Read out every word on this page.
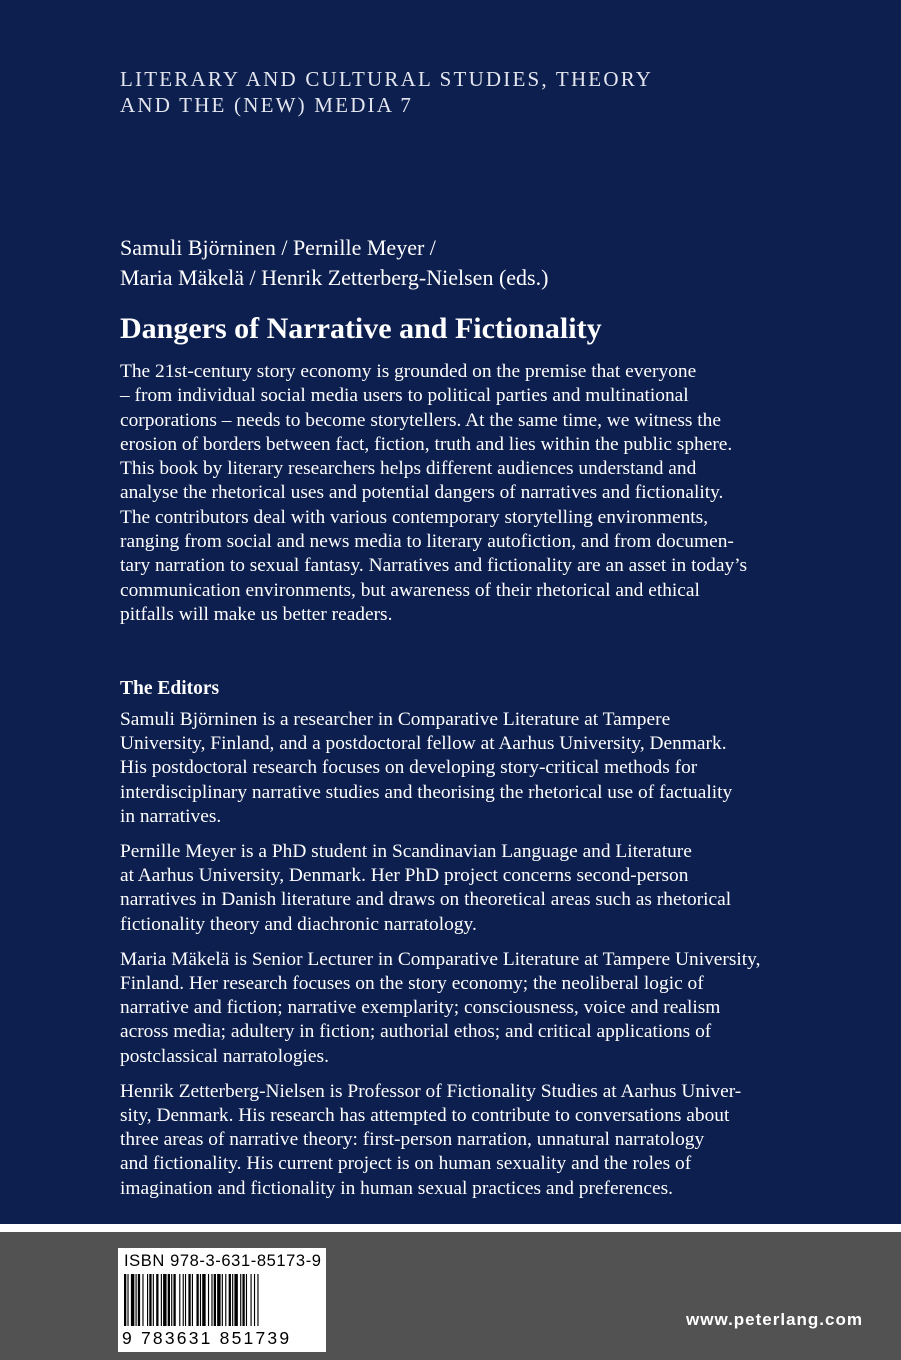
LITERARY AND CULTURAL STUDIES, THEORY
AND THE (NEW) MEDIA 7
Samuli Björninen / Pernille Meyer /
Maria Mäkelä / Henrik Zetterberg-Nielsen (eds.)
Dangers of Narrative and Fictionality

The 21st-century story economy is grounded on the premise that everyone
– from individual social media users to political parties and multinational
corporations – needs to become storytellers. At the same time, we witness the
erosion of borders between fact, fiction, truth and lies within the public sphere.
This book by literary researchers helps different audiences understand and
analyse the rhetorical uses and potential dangers of narratives and fictionality.
The contributors deal with various contemporary storytelling environments,
ranging from social and news media to literary autofiction, and from documen-
tary narration to sexual fantasy. Narratives and fictionality are an asset in today’s
communication environments, but awareness of their rhetorical and ethical
pitfalls will make us better readers.

The Editors

Samuli Björninen is a researcher in Comparative Literature at Tampere
University, Finland, and a postdoctoral fellow at Aarhus University, Denmark.
His postdoctoral research focuses on developing story-critical methods for
interdisciplinary narrative studies and theorising the rhetorical use of factuality
in narratives.

Pernille Meyer is a PhD student in Scandinavian Language and Literature
at Aarhus University, Denmark. Her PhD project concerns second-person
narratives in Danish literature and draws on theoretical areas such as rhetorical
fictionality theory and diachronic narratology.

Maria Mäkelä is Senior Lecturer in Comparative Literature at Tampere University,
Finland. Her research focuses on the story economy; the neoliberal logic of
narrative and fiction; narrative exemplarity; consciousness, voice and realism
across media; adultery in fiction; authorial ethos; and critical applications of
postclassical narratologies.

Henrik Zetterberg-Nielsen is Professor of Fictionality Studies at Aarhus Univer-
sity, Denmark. His research has attempted to contribute to conversations about
three areas of narrative theory: first-person narration, unnatural narratology
and fictionality. His current project is on human sexuality and the roles of
imagination and fictionality in human sexual practices and preferences.

ISBN 978-3-631-85173-9
9 783631 851739
www.peterlang.com
